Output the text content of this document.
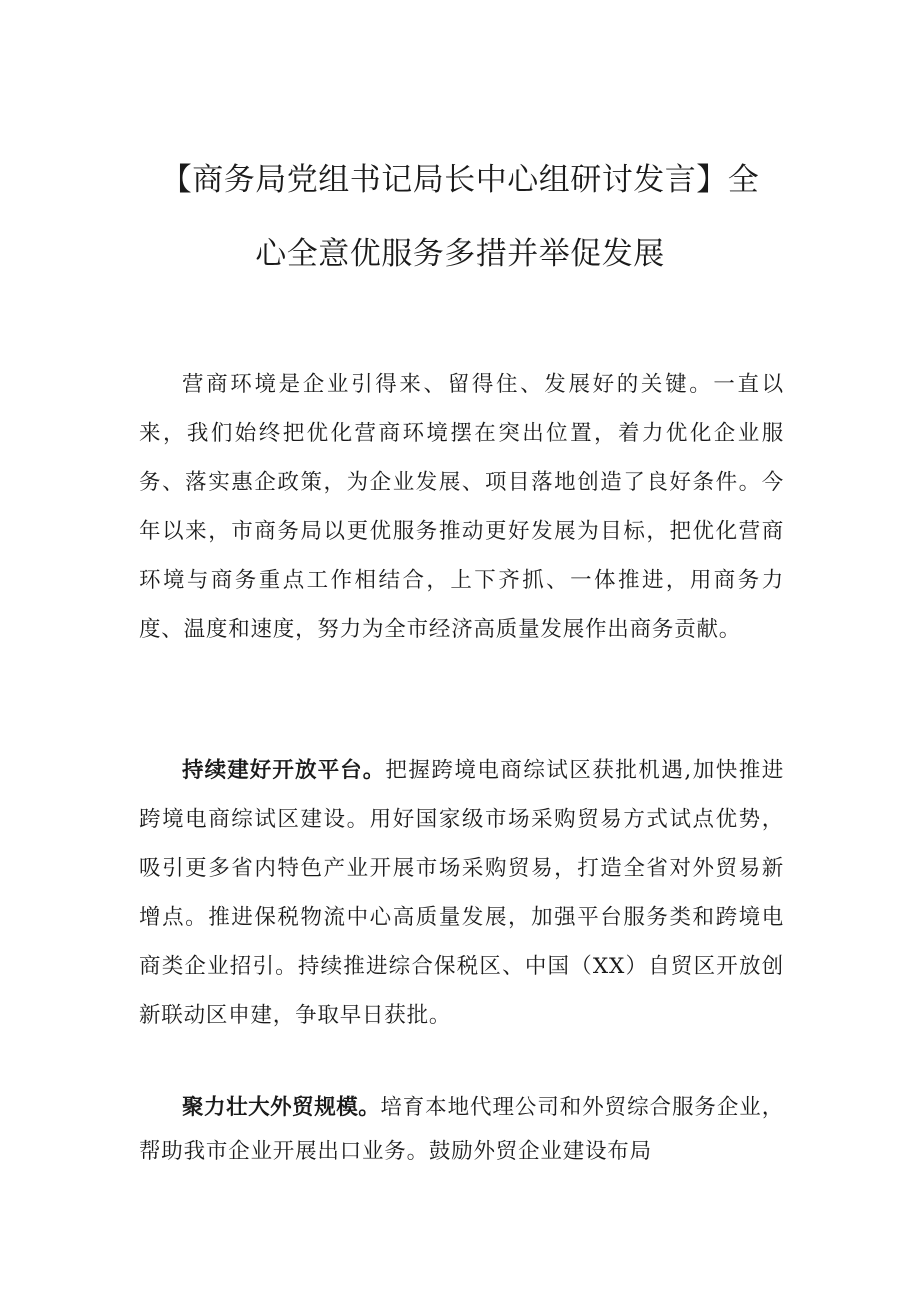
【商务局党组书记局长中心组研讨发言】全
心全意优服务多措并举促发展

营商环境是企业引得来、留得住、发展好的关键。一直以来，我们始终把优化营商环境摆在突出位置，着力优化企业服务、落实惠企政策，为企业发展、项目落地创造了良好条件。今年以来，市商务局以更优服务推动更好发展为目标，把优化营商环境与商务重点工作相结合，上下齐抓、一体推进，用商务力度、温度和速度，努力为全市经济高质量发展作出商务贡献。

持续建好开放平台。把握跨境电商综试区获批机遇,加快推进跨境电商综试区建设。用好国家级市场采购贸易方式试点优势，吸引更多省内特色产业开展市场采购贸易，打造全省对外贸易新增点。推进保税物流中心高质量发展，加强平台服务类和跨境电商类企业招引。持续推进综合保税区、中国（XX）自贸区开放创新联动区申建，争取早日获批。

聚力壮大外贸规模。培育本地代理公司和外贸综合服务企业，帮助我市企业开展出口业务。鼓励外贸企业建设布局
